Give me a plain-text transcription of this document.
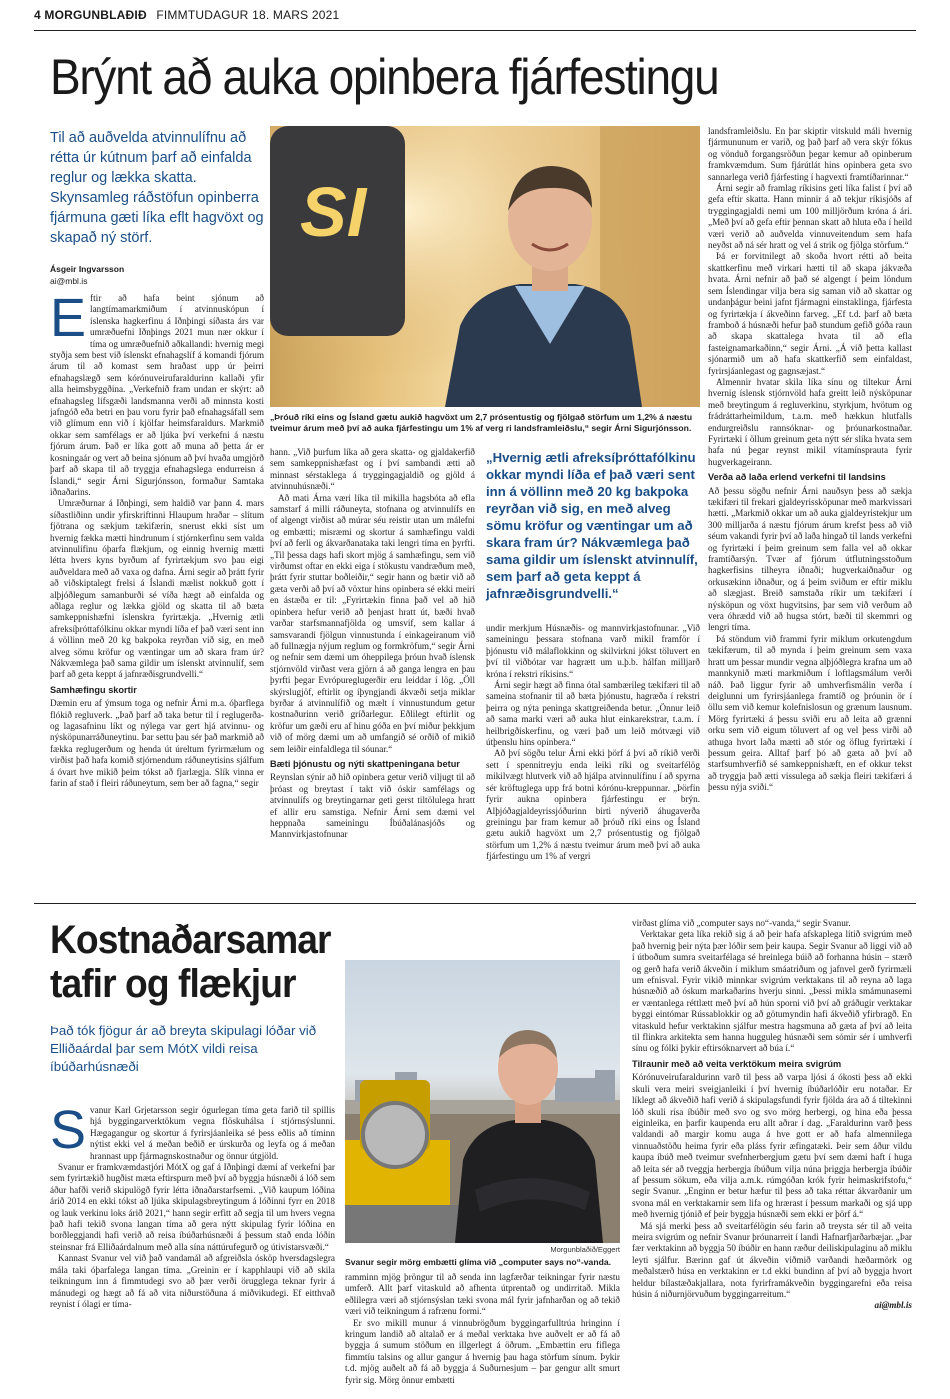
4 MORGUNBLAÐIÐ FIMMTUDAGUR 18. MARS 2021
Brýnt að auka opinbera fjárfestingu
Til að auðvelda atvinnulífnu að rétta úr kútnum þarf að einfalda reglur og lækka skatta. Skynsamleg ráðstöfun opinberra fjármuna gæti líka eflt hagvöxt og skapað ný störf.
Ásgeir Ingvarsson
ai@mbl.is
SI
„Þróuð ríki eins og Ísland gætu aukið hagvöxt um 2,7 prósentustig og fjölgað störfum um 1,2% á næstu tveimur árum með því að auka fjárfestingu um 1% af verg ri landsframleiðslu,“ segir Árni Sigurjónsson.
E ftir að hafa beint sjónum að langtímamarkmiðum í atvinnuskópun í íslenska hagkerfinu á Iðnþingi síðasta árs var umræðuefni Iðnþings 2021 mun nær okkur í tíma og umræðuefnið aðkallandi: hvernig megi styðja sem best við íslenskt efnahagslíf á komandi fjórum árum til að komast sem hraðast upp úr þeirri efnahagslægð sem kórónuveirufaraldurinn kallaði yfir alla heimsbyggðina. „Verkefnið fram undan er skýrt: að efnahagsleg lífsgæði landsmanna verði að minnsta kosti jafngóð eða betri en þau voru fyrir það efnahagsáfall sem við glímum enn við í kjölfar heimsfaraldurs. Markmið okkar sem samfélags er að ljúka því verkefni á næstu fjórum árum. Það er líka gott að muna að þetta ár er kosningaár og vert að beina sjónum að því hvaða umgjörð þarf að skapa til að tryggja efnahagslega endurreisn á Íslandi,“ segir Árni Sigurjónsson, formaður Samtaka iðnaðarins.

Umræðurnar á Iðnþingi, sem haldið var þann 4. mars síðastliðinn undir yfirskriftinni Hlaupum hraðar – slítum fjötrana og sækjum tækifærin, snerust ekki síst um hvernig fækka mætti hindrunum í stjórnkerfinu sem valda atvinnulífinu óþarfa flækjum, og einnig hvernig mætti létta hvers kyns byrðum af fyrirtækjum svo þau eigi auðveldara með að vaxa og dafna. Árni segir að þrátt fyrir að viðskiptalegt frelsi á Íslandi mælist nokkuð gott í alþjóðlegum samanburði sé víða hægt að einfalda og aðlaga reglur og lækka gjöld og skatta til að bæta samkeppnishæfni íslenskra fyrirtækja. „Hvernig ætli afreksíþróttafólkinu okkar myndi líða ef það væri sent inn á völlinn með 20 kg bakpoka reyrðan við sig, en með alveg sömu kröfur og væntingar um að skara fram úr? Nákvæmlega það sama gildir um íslenskt atvinnulíf, sem þarf að geta keppt á jafnræðisgrundvelli.“

Samhæfingu skortir

Dæmin eru af ýmsum toga og nefnir Árni m.a. óþarflega flókið regluverk. „Það þarf að taka betur til í reglugerða- og lagasafninu líkt og nýlega var gert hjá atvinnu- og nýsköpunarráðuneytinu. Þar settu þau sér það markmið að fækka reglugerðum og henda út úreltum fyrirmælum og virðist það hafa komið stjórnendum ráðuneytisins sjálfum á óvart hve mikið þeim tókst að fjarlægja. Slík vinna er farin af stað í fleiri ráðuneytum, sem ber að fagna,“ segir

hann. „Við þurfum líka að gera skatta- og gjaldakerfið sem samkeppnishæfast og í því sambandi ætti að minnast sérstaklega á tryggingagjaldið og gjöld á atvinnuhúsnæði.“

Að mati Árna væri líka til mikilla hagsbóta að efla samstarf á milli ráðuneyta, stofnana og atvinnulífs en of algengt virðist að múrar séu reistir utan um málefni og embætti; misræmi og skortur á samhæfingu valdi því að ferli og ákvarðanataka taki lengri tíma en þyrfti. „Til þessa dags hafi skort mjög á samhæfingu, sem við virðumst oftar en ekki eiga í stökustu vandræðum með, þrátt fyrir stuttar boðleiðir,“ segir hann og bætir við að gæta verði að því að vöxtur hins opinbera sé ekki meiri en ástæða er til: „Fyrirtækin finna það vel að hið opinbera hefur verið að þenjast hratt út, bæði hvað varðar starfsmannafjölda og umsvif, sem kallar á samsvarandi fjölgun vinnustunda í einkageiranum við að fullnægja nýjum reglum og formkröfum,“ segir Árni og nefnir sem dæmi um óheppilega þróun hvað íslensk stjórnvöld virðast vera gjörn á að ganga lengra en þau þyrfti þegar Evrópureglugerðir eru leiddar í lög. „Öll skýrslugjöf, eftirlit og íþyngjandi ákvæði setja miklar byrðar á atvinnulífið og mælt í vinnustundum getur kostnaðurinn verið gríðarlegur. Eðlilegt eftirlit og kröfur um gæði eru af hinu góða en því miður þekkjum við of mörg dæmi um að umfangið sé orðið of mikið sem leiðir einfaldlega til sóunar.“

Bæti þjónustu og nýti skattpeningana betur

Reynslan sýnir að hið opinbera getur verið viljugt til að þróast og breytast í takt við óskir samfélags og atvinnulífs og breytingarnar geti gerst tiltölulega hratt ef allir eru samstiga. Nefnir Árni sem dæmi vel heppnaða sameiningu Íbúðalánasjóðs og Mannvirkjastofnunar

„Hvernig ætli afreksíþróttafólkinu okkar myndi líða ef það væri sent inn á völlinn með 20 kg bakpoka reyrðan við sig, en með alveg sömu kröfur og væntingar um að skara fram úr? Nákvæmlega það sama gildir um íslenskt atvinnulíf, sem þarf að geta keppt á jafnræðisgrundvelli.“

undir merkjum Húsnæðis- og mannvirkjastofnunar. „Við sameiningu þessara stofnana varð mikil framför í þjónustu við málaflokkinn og skilvirkni jókst töluvert en því til viðbótar var hagrætt um u.þ.b. hálfan milljarð króna í rekstri ríkisins.“

Árni segir hægt að finna ótal sambærileg tækifæri til að sameina stofnanir til að bæta þjónustu, hagræða í rekstri þeirra og nýta peninga skattgreiðenda betur. „Önnur leið að sama marki væri að auka hlut einkarekstrar, t.a.m. í heilbrigðiskerfinu, og væri það um leið mótvægi við útþenslu hins opinbera.“

Að því sögðu telur Árni ekki þörf á því að ríkið verði sett í spennitreyju enda leiki ríki og sveitarfélög mikilvægt hlutverk við að hjálpa atvinnulífinu í að spyrna sér kröftuglega upp frá botni kórónu-kreppunnar. „Þörfin fyrir aukna opinbera fjárfestingu er brýn. Alþjóðagjaldeyrissjóðurinn birti nýverið áhugaverða greiningu þar fram kemur að þróuð ríki eins og Ísland gætu aukið hagvöxt um 2,7 prósentustig og fjölgað störfum um 1,2% á næstu tveimur árum með því að auka fjárfestingu um 1% af vergri

landsframleiðslu. En þar skiptir vitskuld máli hvernig fjármununum er varið, og það þarf að vera skýr fókus og vönduð forgangsröðun þegar kemur að opinberum framkvæmdum. Sum fjárútlát hins opinbera geta svo sannarlega verið fjárfesting í hagvexti framtíðarinnar.“

Árni segir að framlag ríkisins geti líka falist í því að gefa eftir skatta. Hann minnir á að tekjur ríkisjóðs af tryggingagjaldi nemi um 100 milljörðum króna á ári. „Með því að gefa eftir þennan skatt að hluta eða í heild væri verið að auðvelda vinnuveitendum sem hafa neyðst að ná sér hratt og vel á strik og fjölga störfum.“

Þá er forvitnilegt að skoða hvort rétti að beita skattkerfinu með virkari hætti til að skapa jákvæða hvata. Árni nefnir að það sé algengt í þeim löndum sem Íslendingar vilja bera sig saman við að skattar og undanþágur beini jafnt fjármagni einstaklinga, fjárfesta og fyrirtækja í ákveðinn farveg. „Ef t.d. þarf að bæta framboð á húsnæði hefur það stundum gefið góða raun að skapa skattalega hvata til að efla fasteignamarkaðinn,“ segir Árni. „Á við þetta kallast sjónarmið um að hafa skattkerfið sem einfaldast, fyrirsjáanlegast og gagnsæjast.“

Almennir hvatar skila líka sínu og tiltekur Árni hvernig íslensk stjórnvöld hafa greitt leið nýsköpunar með breytingum á regluverkinu, styrkjum, hvötum og frádráttarheimildum, t.a.m. með hækkun hlutfalls endurgreiðslu rannsóknar- og þróunarkostnaðar. Fyrirtæki í öllum greinum geta nýtt sér slíka hvata sem hafa nú þegar reynst mikil vítamínsprauta fyrir hugverkageirann.

Verða að laða erlend verkefni til landsins

Að þessu sögðu nefnir Árni nauðsyn þess að sækja tækifæri til frekari gjaldeyrissköpunar með markvissari hætti. „Markmið okkar um að auka gjaldeyristekjur um 300 milljarða á næstu fjórum árum krefst þess að við séum vakandi fyrir því að laða hingað til lands verkefni og fyrirtæki í þeim greinum sem falla vel að okkar framtíðarsýn. Tvær af fjórum útflutningsstoðum hagkerfisins tilheyra iðnaði; hugverkaiðnaður og orkusækinn iðnaður, og á þeim sviðum er eftir miklu að slægjast. Breið samstaða ríkir um tækifæri í nýsköpun og vöxt hugvitsins, þar sem við verðum að vera óhrædd við að hugsa stórt, bæði til skemmri og lengri tíma.

Þá stöndum við frammi fyrir miklum orkutengdum tækifærum, til að mynda í þeim greinum sem vaxa hratt um þessar mundir vegna alþjóðlegra krafna um að mannkynið mæti markmiðum í loftlagsmálum verði náð. Það liggur fyrir að umhverfismálin verða í deiglunni um fyrirsjáanlega framtíð og þróunin ör í öllu sem við kemur kolefnislosun og grænum lausnum. Mörg fyrirtæki á þessu sviði eru að leita að grænni orku sem við eigum töluvert af og vel þess virði að athuga hvort laða mætti að stór og öflug fyrirtæki í þessum geira. Alltaf þarf þó að gæta að því að starfsumhverfið sé samkeppnishæft, en ef okkur tekst að tryggja það ætti vissulega að sækja fleiri tækifæri á þessu nýja sviði.“

Kostnaðarsamar tafir og flækjur
Það tók fjögur ár að breyta skipulagi lóðar við Elliðaárdal þar sem MótX vildi reisa íbúðarhúsnæði
Morgunblaðið/Eggert
Svanur segir mörg embætti glíma við „computer says no“-vanda.
S vanur Karl Grjetarsson segir ógurlegan tíma geta farið til spillis hjá byggingarverktökum vegna flöskuhálsa í stjórnsýslunni. Hægagangur og skortur á fyrirsjáanleika sé þess eðlis að tíminn nýtist ekki vel á meðan beðið er úrskurða og leyfa og á meðan hrannast upp fjármagnskostnaður og önnur útgjöld.

Svanur er framkvæmdastjóri MótX og gaf á Iðnþingi dæmi af verkefni þar sem fyrirtækið hugðist mæta eftirspurn með því að byggja húsnæði á lóð sem áður hafði verið skipulögð fyrir létta iðnaðarstarfsemi. „Við kaupum lóðina árið 2014 en ekki tókst að ljúka skipulagsbreytingum á lóðinni fyrr en 2018 og lauk verkinu loks árið 2021,“ hann segir erfitt að segja til um hvers vegna það hafi tekið svona langan tíma að gera nýtt skipulag fyrir lóðina en borðleggjandi hafi verið að reisa íbúðarhúsnæði á þessum stað enda lóðin steinsnar frá Elliðaárdalnum með alla sína náttúrufegurð og útivistarsvæði.“

Kannast Svanur vel við það vandamál að afgreiðsla ósköp hversdagslegra mála taki óþarfalega langan tíma. „Greinin er í kapphlaupi við að skila teikningum inn á fimmtudegi svo að þær verði örugglega teknar fyrir á mánudegi og hægt að fá að vita niðurstöðuna á miðvikudegi. Ef eitthvað reynist í ólagi er tíma-

ramminn mjög þröngur til að senda inn lagfærðar teikningar fyrir næstu umferð. Allt þarf vitaskuld að afhenta útprentað og undirritað. Mikla eðlilegra væri að stjórnsýslan tæki svona mál fyrir jafnharðan og að tekið væri við teikningum á rafrænu formi.“

Er svo mikill munur á vinnubrögðum byggingarfulltrúa hringinn í kringum landið að altalað er á meðal verktaka hve auðvelt er að fá að byggja á sumum stöðum en illgerlegt á öðrum. „Embættin eru fiflega fimmtíu talsins og allur gangur á hvernig þau haga störfum sínum. Þykir t.d. mjög auðelt að fá að byggja á Suðurnesjum – þar gengur allt smurt fyrir sig. Mörg önnur embætti

virðast glíma við „computer says no“-vanda,“ segir Svanur.

Verktakar geta líka rekið sig á að þeir hafa afskaplega lítið svigrúm með það hvernig þeir nýta þær lóðir sem þeir kaupa. Segir Svanur að liggi við að í útboðum sumra sveitarfélaga sé hreinlega búið að forhanna húsin – stærð og gerð hafa verið ákveðin í miklum smáatriðum og jafnvel gerð fyrirmæli um efnisval. Fyrir vikið minnkar svigrúm verktakans til að reyna að laga húsnæðið að óskum markaðarins hverju sinni. „Þessi mikla smámunasemi er væntanlega réttlætt með því að hún sporni við því að gráðugir verktakar byggi eintómar Rússablokkir og að götumyndin hafi ákveðið yfirbragð. En vitaskuld hefur verktakinn sjálfur mestra hagsmuna að gæta af því að leita til flinkra arkitekta sem hanna hugguleg húsnæði sem sómir sér í umhverfi sínu og fólki þykir eftirsóknarvert að búa í.“

Tilraunir með að veita verktökum meira svigrúm

Kórónuveirufaraldurinn varð til þess að varpa ljósi á ókosti þess að ekki skuli vera meiri sveigjanleiki í því hvernig íbúðarlóðir eru notaðar. Er líklegt að ákveðið hafi verið á skipulagsfundi fyrir fjölda ára að á tiltekinni lóð skuli rísa íbúðir með svo og svo mörg herbergi, og hina eða þessa eiginleika, en þarfir kaupenda eru allt aðrar í dag. „Faraldurinn varð þess valdandi að margir komu auga á hve gott er að hafa almennilega vinnuaðstöðu heima fyrir eða pláss fyrir æfingatæki. Þeir sem áður vildu kaupa íbúð með tveimur svefnherbergjum gætu því sem dæmi haft í huga að leita sér að tveggja herbergja íbúðum vilja núna þriggja herbergja íbúðir af þessum sökum, eða vilja a.m.k. rúmgóðan krók fyrir heimaskrifstofu,“ segir Svanur. „Enginn er betur hæfur til þess að taka réttar ákvarðanir um svona mál en verktakarnir sem lifa og hrærast í þessum markaði og sjá upp með hvernig tjónið ef þeir byggja húsnæði sem ekki er þörf á.“

Má sjá merki þess að sveitarfélögin séu farin að treysta sér til að veita meira svigrúm og nefnir Svanur þróunarreit í landi Hafnarfjarðarbæjar. „Þar fær verktakinn að byggja 50 íbúðir en hann ræður deiliskipulaginu að miklu leyti sjálfur. Bærinn gaf út ákveðin viðmið varðandi hæðarmörk og meðalstærð húsa en verktakinn er t.d ekki bundinn af því að byggja hvort heldur bílastæðakjallara, nota fyrirframákveðin byggingarefni eða reisa húsin á niðurnjörvuðum byggingarreitum.“

ai@mbl.is
